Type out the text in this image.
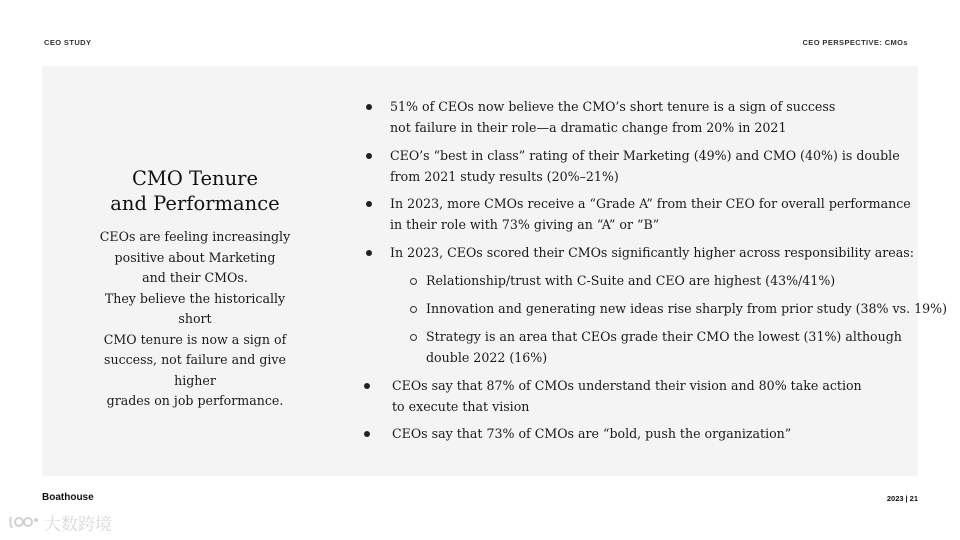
CEO STUDY	CEO PERSPECTIVE: CMOs
CMO Tenure
and Performance

CEOs are feeling increasingly
positive about Marketing
and their CMOs.
They believe the historically short
CMO tenure is now a sign of
success, not failure and give higher
grades on job performance.

51% of CEOs now believe the CMO’s short tenure is a sign of success
not failure in their role—a dramatic change from 20% in 2021
CEO’s “best in class” rating of their Marketing (49%) and CMO (40%) is double
from 2021 study results (20%–21%)
In 2023, more CMOs receive a “Grade A” from their CEO for overall performance
in their role with 73% giving an “A” or “B”
In 2023, CEOs scored their CMOs significantly higher across responsibility areas:
Relationship/trust with C-Suite and CEO are highest (43%/41%)
Innovation and generating new ideas rise sharply from prior study (38% vs. 19%)
Strategy is an area that CEOs grade their CMO the lowest (31%) although
double 2022 (16%)
CEOs say that 87% of CMOs understand their vision and 80% take action
to execute that vision
CEOs say that 73% of CMOs are “bold, push the organization”
Boathouse	2023 | 21
大数跨境
